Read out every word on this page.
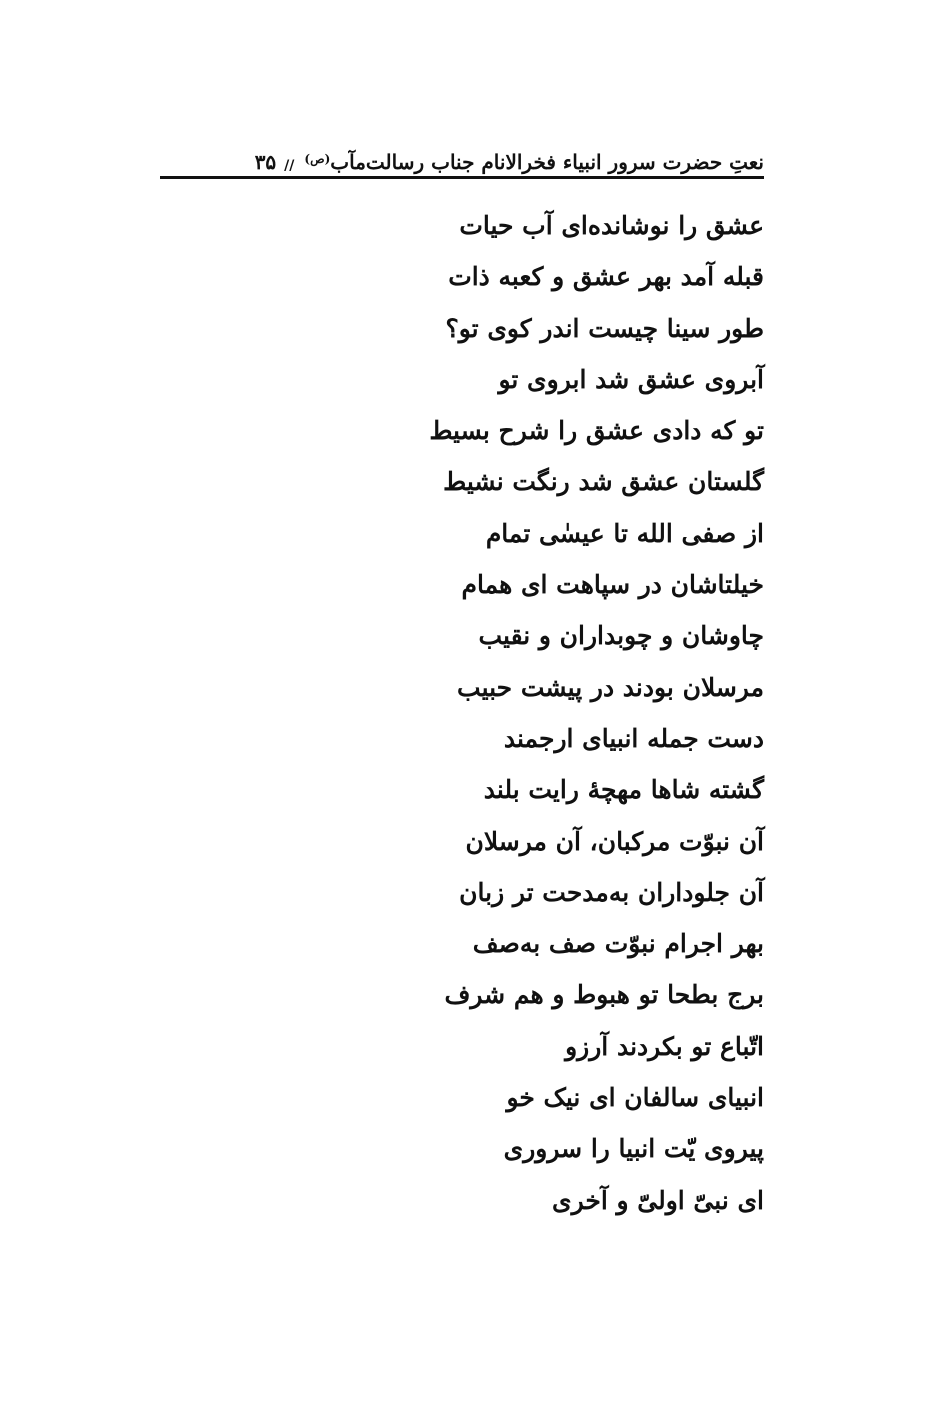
نعتِ حضرت سرور انبیاء فخرالانام جناب رسالت‌مآب
(ص)
//
۳۵
عشق را نوشانده‌ای آب حیات
قبله آمد بهر عشق و کعبه ذات
طور سینا چیست اندر کوی تو؟
آبروی عشق شد ابروی تو
تو که دادی عشق را شرح بسیط
گلستان عشق شد رنگت نشیط
از صفی الله تا عیسٰی تمام
خیلتاشان در سپاهت ای همام
چاوشان و چوبداران و نقیب
مرسلان بودند در پیشت حبیب
دست جمله انبیای ارجمند
گشته شاها مهچهٔ رایت بلند
آن نبوّت مرکبان، آن مرسلان
آن جلوداران به‌مدحت تر زبان
بهر اجرام نبوّت صف به‌صف
برج بطحا تو هبوط و هم شرف
اتّباع تو بکردند آرزو
انبیای سالفان ای نیک خو
پیروی یّت انبیا را سروری
ای نبیّ اولیّ و آخری
